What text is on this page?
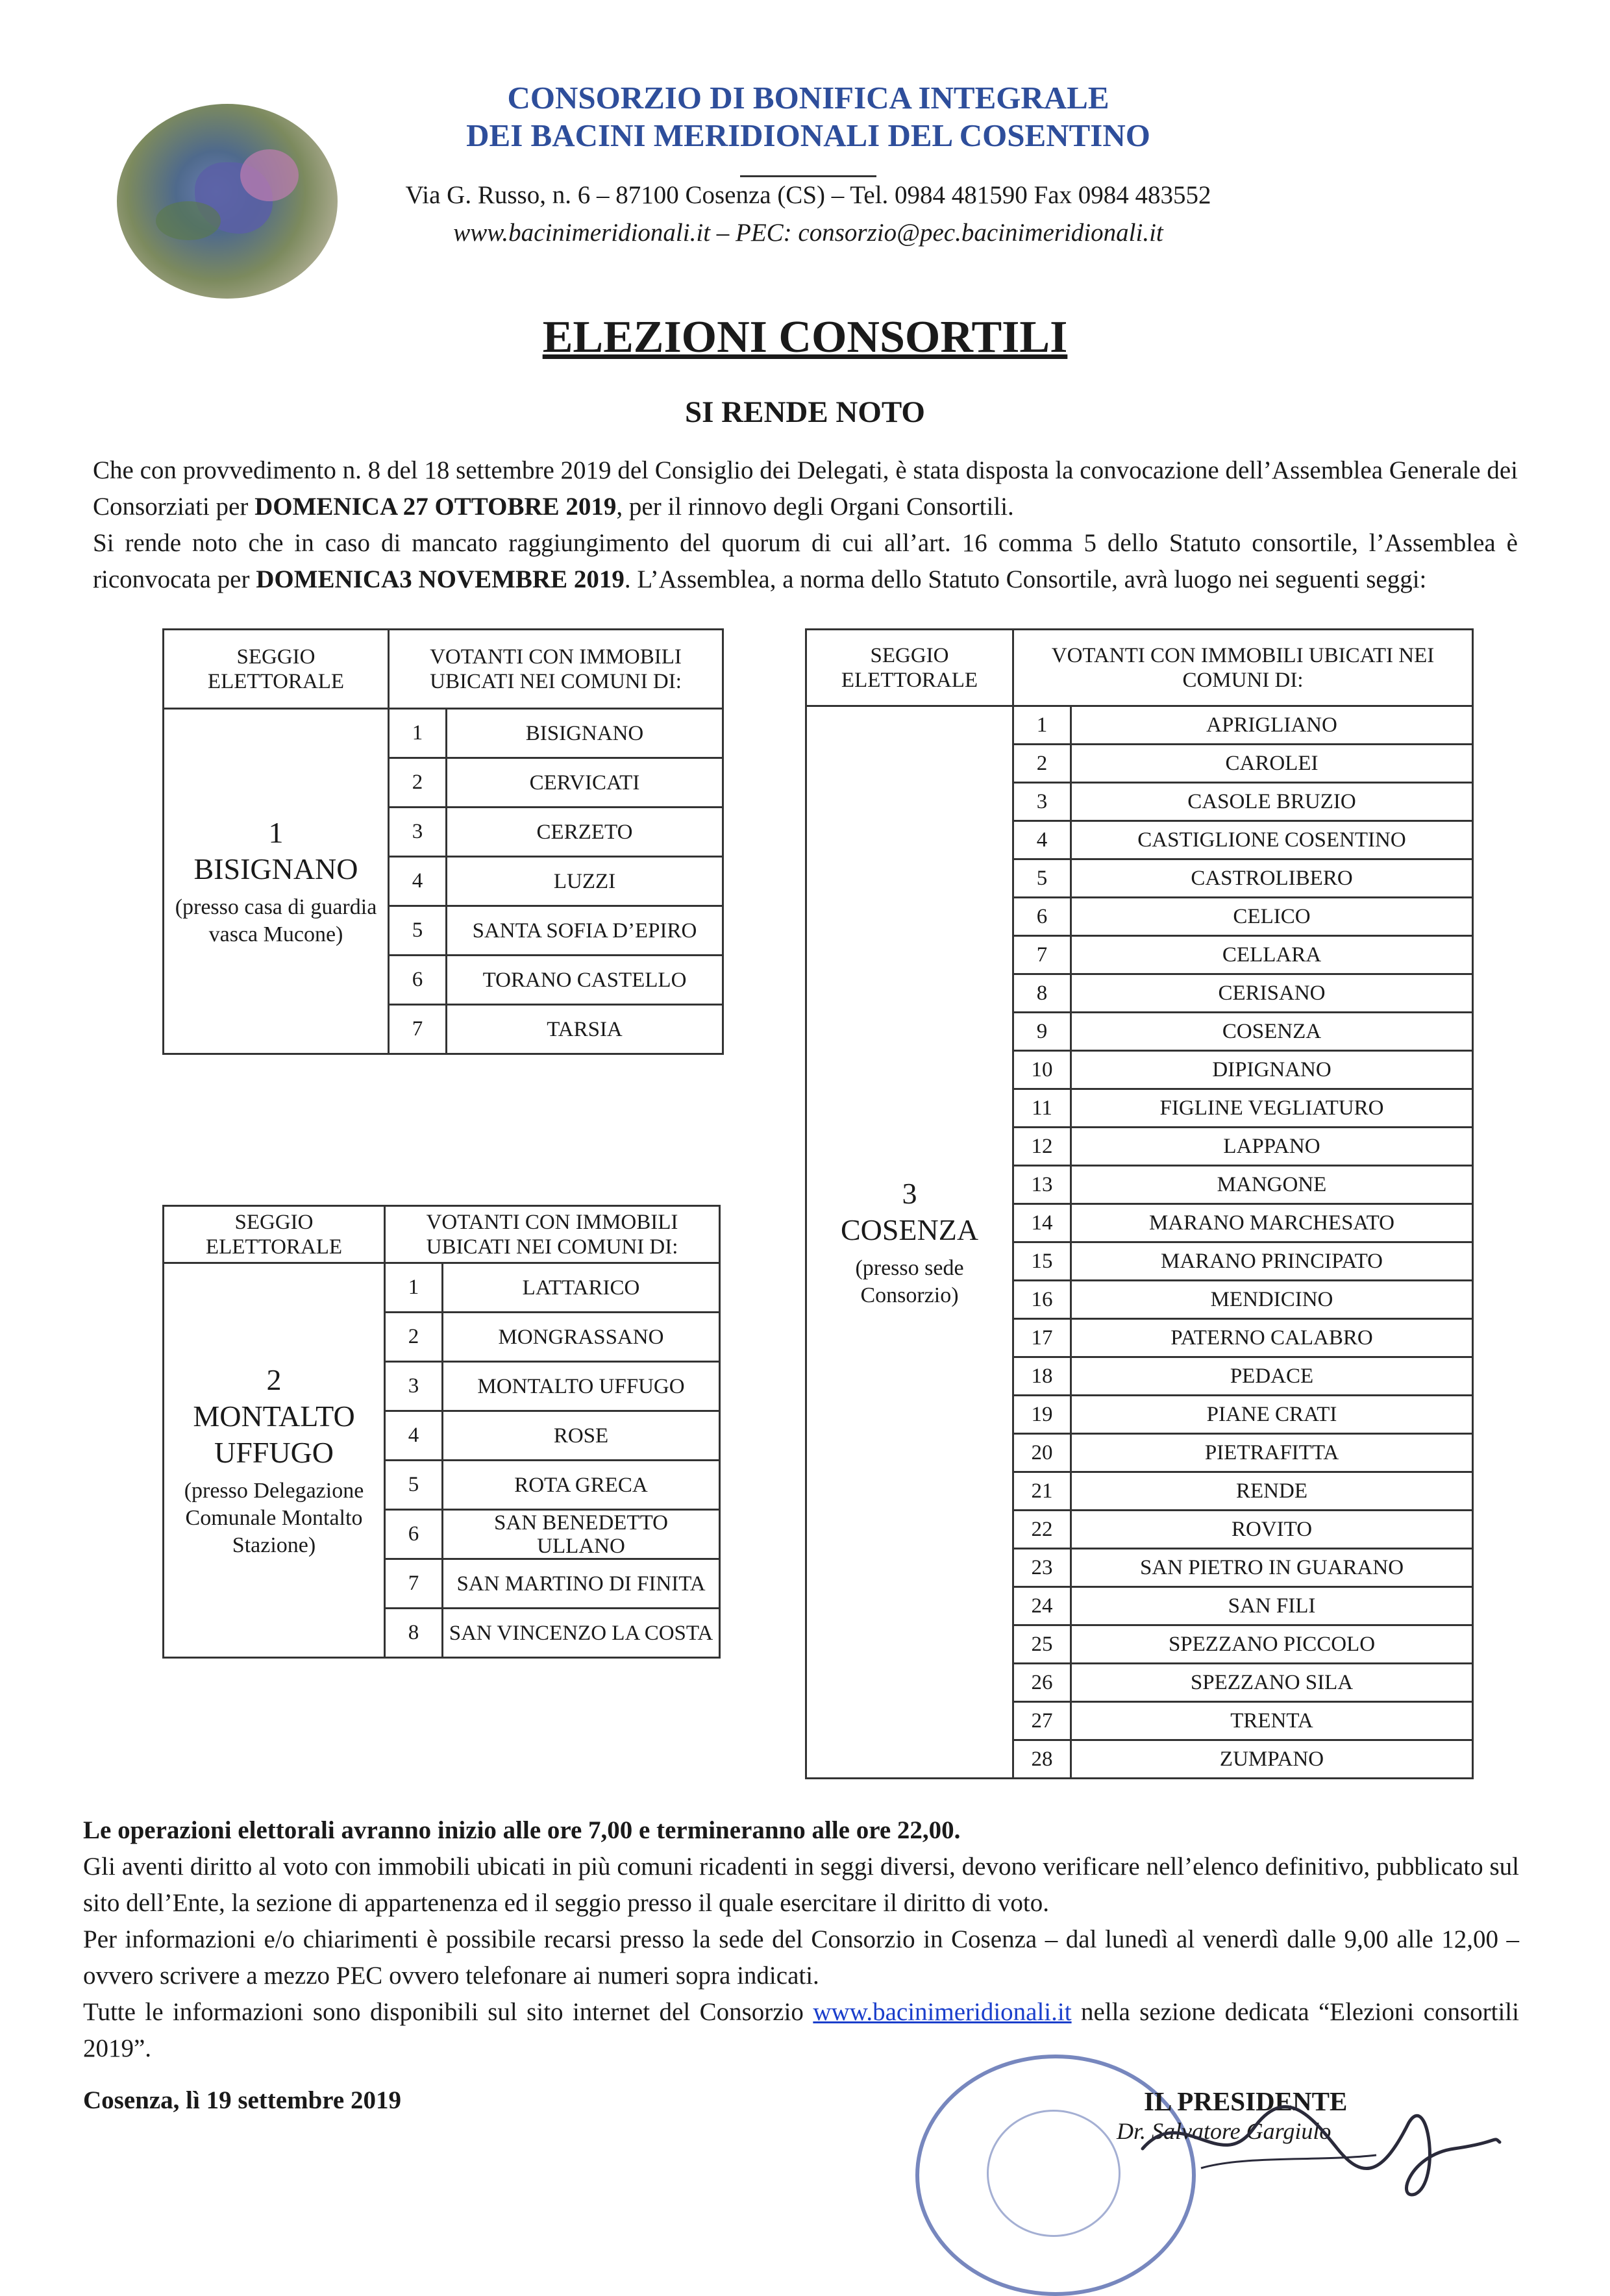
CONSORZIO DI BONIFICA INTEGRALE
DEI BACINI MERIDIONALI DEL COSENTINO
Via G. Russo, n. 6 – 87100 Cosenza (CS) – Tel. 0984 481590 Fax 0984 483552
www.bacinimeridionali.it – PEC: consorzio@pec.bacinimeridionali.it
ELEZIONI CONSORTILI
SI RENDE NOTO
Che con provvedimento n. 8 del 18 settembre 2019 del Consiglio dei Delegati, è stata disposta la convocazione dell’Assemblea Generale dei Consorziati per DOMENICA 27 OTTOBRE 2019, per il rinnovo degli Organi Consortili.
Si rende noto che in caso di mancato raggiungimento del quorum di cui all’art. 16 comma 5 dello Statuto consortile, l’Assemblea è riconvocata per DOMENICA3 NOVEMBRE 2019. L’Assemblea, a norma dello Statuto Consortile, avrà luogo nei seguenti seggi:
SEGGIO ELETTORALE	VOTANTI CON IMMOBILI UBICATI NEI COMUNI DI:	

1
BISIGNANO
(presso casa di guardia vasca Mucone)	1	BISIGNANO
	2	CERVICATI
	3	CERZETO
	4	LUZZI
	5	SANTA SOFIA D’EPIRO
	6	TORANO CASTELLO
	7	TARSIA
SEGGIO ELETTORALE	VOTANTI CON IMMOBILI UBICATI NEI COMUNI DI:	

2
MONTALTO UFFUGO
(presso Delegazione Comunale Montalto Stazione)	1	LATTARICO
	2	MONGRASSANO
	3	MONTALTO UFFUGO
	4	ROSE
	5	ROTA GRECA
	6	SAN BENEDETTO ULLANO
	7	SAN MARTINO DI FINITA
	8	SAN VINCENZO LA COSTA
SEGGIO ELETTORALE	VOTANTI CON IMMOBILI UBICATI NEI COMUNI DI:	

3
COSENZA
(presso sede Consorzio)	1	APRIGLIANO
	2	CAROLEI
	3	CASOLE BRUZIO
	4	CASTIGLIONE COSENTINO
	5	CASTROLIBERO
	6	CELICO
	7	CELLARA
	8	CERISANO
	9	COSENZA
	10	DIPIGNANO
	11	FIGLINE VEGLIATURO
	12	LAPPANO
	13	MANGONE
	14	MARANO MARCHESATO
	15	MARANO PRINCIPATO
	16	MENDICINO
	17	PATERNO CALABRO
	18	PEDACE
	19	PIANE CRATI
	20	PIETRAFITTA
	21	RENDE
	22	ROVITO
	23	SAN PIETRO IN GUARANO
	24	SAN FILI
	25	SPEZZANO PICCOLO
	26	SPEZZANO SILA
	27	TRENTA
	28	ZUMPANO
Le operazioni elettorali avranno inizio alle ore 7,00 e termineranno alle ore 22,00.
Gli aventi diritto al voto con immobili ubicati in più comuni ricadenti in seggi diversi, devono verificare nell’elenco definitivo, pubblicato sul sito dell’Ente, la sezione di appartenenza ed il seggio presso il quale esercitare il diritto di voto.
Per informazioni e/o chiarimenti è possibile recarsi presso la sede del Consorzio in Cosenza – dal lunedì al venerdì dalle 9,00 alle 12,00 – ovvero scrivere a mezzo PEC ovvero telefonare ai numeri sopra indicati.
Tutte le informazioni sono disponibili sul sito internet del Consorzio www.bacinimeridionali.it nella sezione dedicata “Elezioni consortili 2019”.
Cosenza, lì 19 settembre 2019	IL PRESIDENTE
Dr. Salvatore Gargiulo
